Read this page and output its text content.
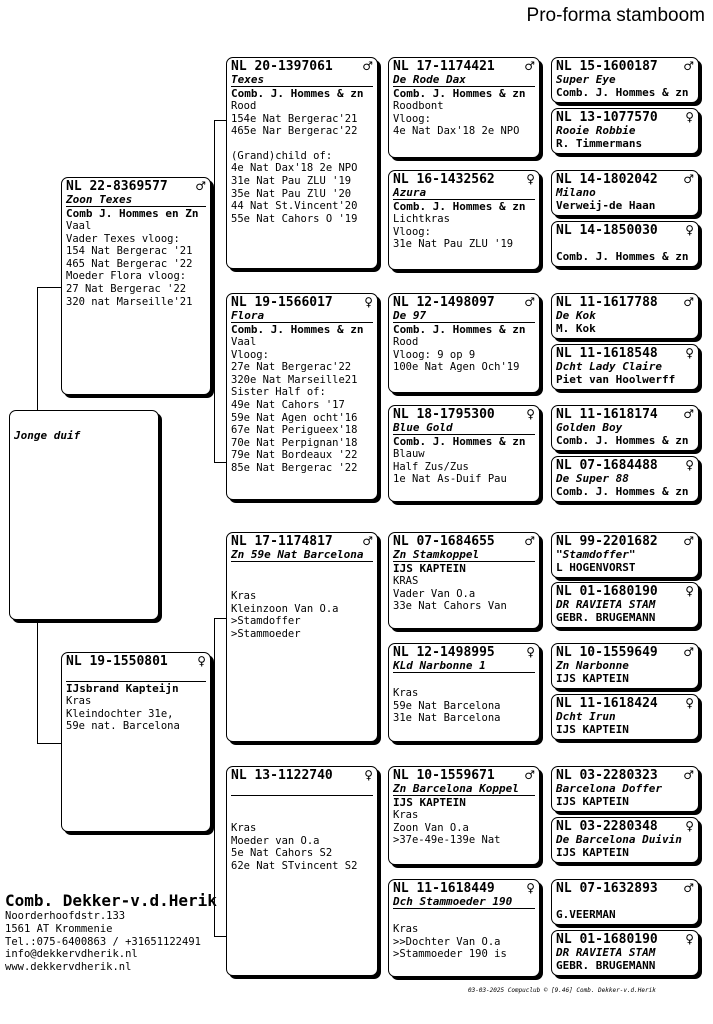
Pro-forma stamboom
Jonge duif
NL 22-8369577 ♂
Zoon Texes
Comb J. Hommes en Zn
Vaal
Vader Texes vloog:
154 Nat Bergerac '21
465 Nat Bergerac '22
Moeder Flora vloog:
27 Nat Bergerac '22
320 nat Marseille'21
NL 19-1550801 ♀

IJsbrand Kapteijn
Kras
Kleindochter 31e,
59e nat. Barcelona
NL 20-1397061 ♂
Texes
Comb. J. Hommes & zn
Rood
154e Nat Bergerac'21
465e Nar Bergerac'22
(Grand)child of:
4e Nat Dax'18 2e NPO
31e Nat Pau ZLU '19
35e Nat Pau ZlU '20
44 Nat St.Vincent'20
55e Nat Cahors O '19
NL 19-1566017	♀
Flora
Comb. J. Hommes & zn
Vaal
Vloog:
27e Nat Bergerac'22
320e Nat Marseille21
Sister Half of:
49e Nat Cahors '17
59e Nat Agen ocht'16
67e Nat Perigueex'18
70e Nat Perpignan'18
79e Nat Bordeaux '22
85e Nat Bergerac '22
NL 17-1174817 ♂
Zn 59e Nat Barcelona
Kras
Kleinzoon Van O.a
>Stamdoffer
>Stammoeder
NL 13-1122740	♀

Kras
Moeder van O.a
5e Nat Cahors S2
62e Nat STvincent S2
NL 17-1174421 ♂
De Rode Dax
Comb. J. Hommes & zn
Roodbont
Vloog:
4e Nat Dax'18 2e NPO
NL 16-1432562	♀
Azura
Comb. J. Hommes & zn
Lichtkras
Vloog:
31e Nat Pau ZLU '19
NL 12-1498097 ♂
De 97
Comb. J. Hommes & zn
Rood
Vloog: 9 op 9
100e Nat Agen Och'19
NL 18-1795300	♀
Blue Gold
Comb. J. Hommes & zn
Blauw
Half Zus/Zus
1e Nat As-Duif Pau
NL 07-1684655 ♂
Zn Stamkoppel
IJS KAPTEIN
KRAS
Vader Van O.a
33e Nat Cahors Van
NL 12-1498995	♀
KLd Narbonne 1
Kras
59e Nat Barcelona
31e Nat Barcelona
NL 10-1559671 ♂
Zn Barcelona Koppel
IJS KAPTEIN
Kras
Zoon Van O.a
>37e-49e-139e Nat
NL 11-1618449	♀
Dch Stammoeder 190
Kras
>>Dochter Van O.a
>Stammoeder 190 is
NL 15-1600187 ♂
Super Eye
Comb. J. Hommes & zn
NL 13-1077570 ♀
Rooie Robbie
R. Timmermans
NL 14-1802042 ♂
Milano
Verweij-de Haan
NL 14-1850030 ♀

Comb. J. Hommes & zn
NL 11-1617788 ♂
De Kok
M. Kok
NL 11-1618548 ♀
Dcht Lady Claire
Piet van Hoolwerff
NL 11-1618174 ♂
Golden Boy
Comb. J. Hommes & zn
NL 07-1684488 ♀
De Super 88
Comb. J. Hommes & zn
NL 99-2201682 ♂
"Stamdoffer"
L HOGENVORST
NL 01-1680190 ♀
DR RAVIETA STAM
GEBR. BRUGEMANN
NL 10-1559649 ♂
Zn Narbonne
IJS KAPTEIN
NL 11-1618424 ♀
Dcht Irun
IJS KAPTEIN
NL 03-2280323 ♂
Barcelona Doffer
IJS KAPTEIN
NL 03-2280348 ♀
De Barcelona Duivin
IJS KAPTEIN
NL 07-1632893 ♂

G.VEERMAN
NL 01-1680190 ♀
DR RAVIETA STAM
GEBR. BRUGEMANN
Comb. Dekker-v.d.Herik
Noorderhoofdstr.133
1561 AT Krommenie
Tel.:075-6400863 / +31651122491
info@dekkervdherik.nl
www.dekkervdherik.nl
03-03-2025 Compuclub © [9.46] Comb. Dekker-v.d.Herik
